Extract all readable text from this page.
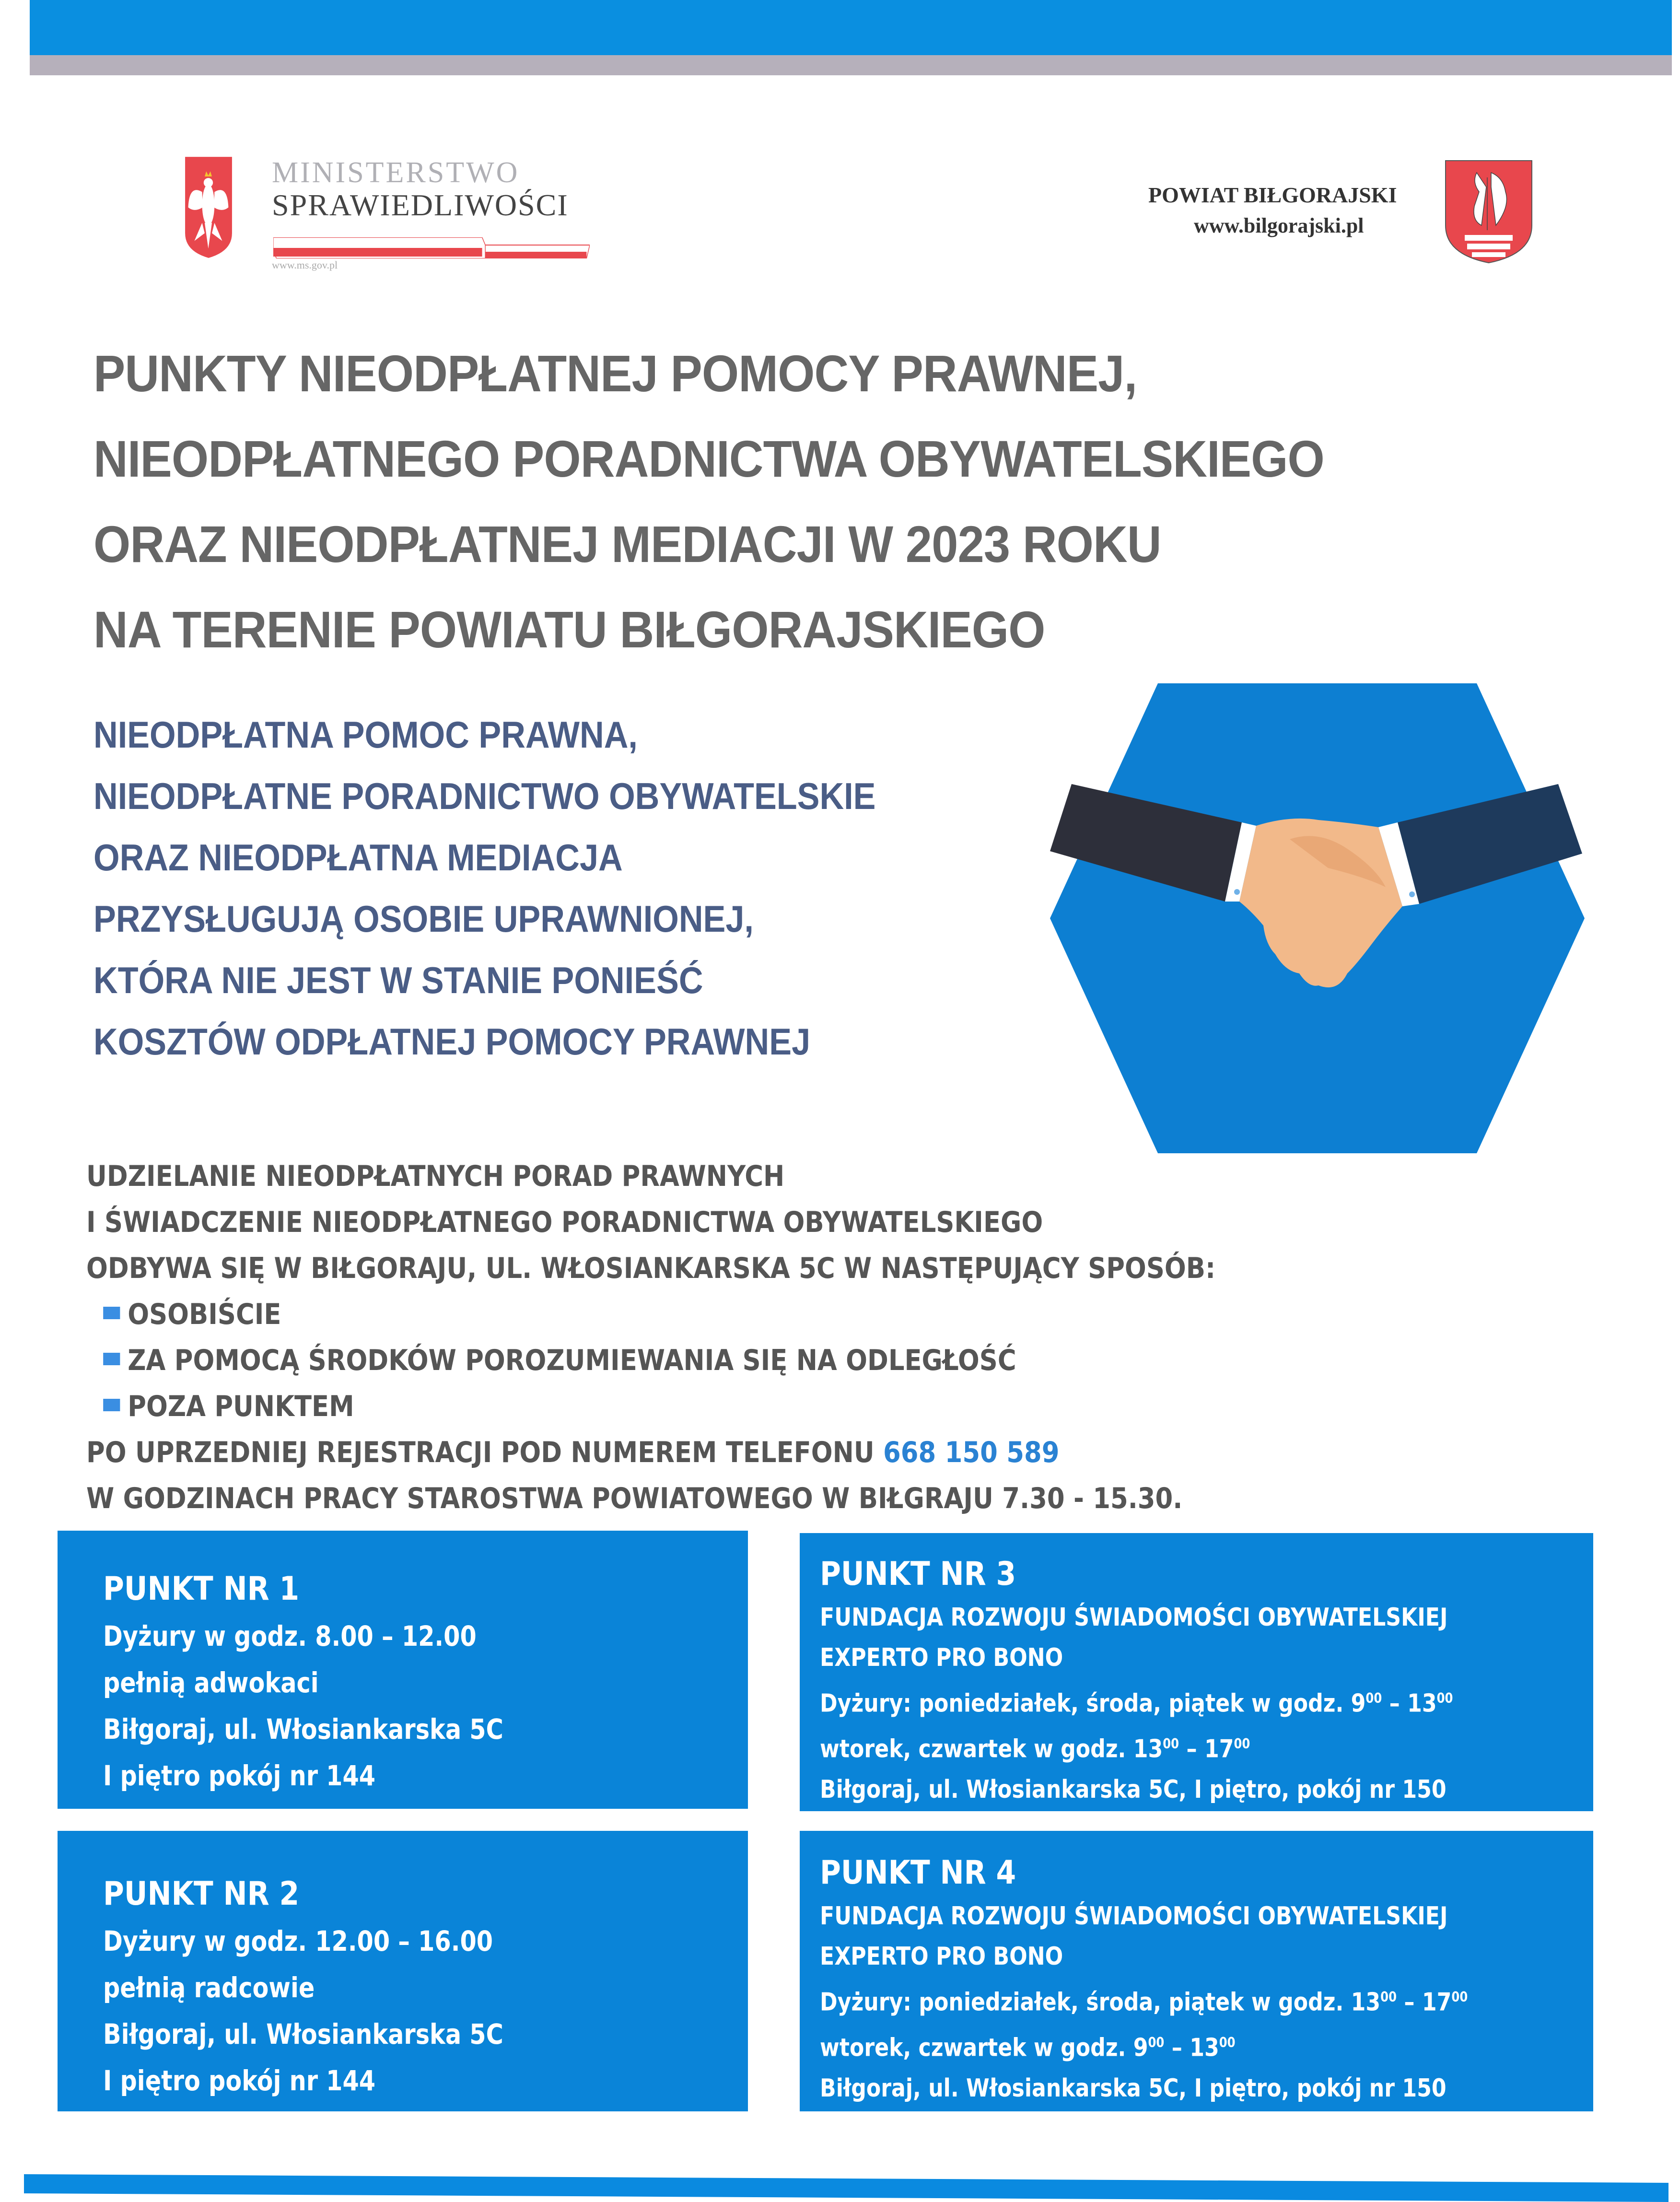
MINISTERSTWO
SPRAWIEDLIWOŚCI
www.ms.gov.pl
POWIAT BIŁGORAJSKI
www.bilgorajski.pl
PUNKTY NIEODPŁATNEJ POMOCY PRAWNEJ,
NIEODPŁATNEGO PORADNICTWA OBYWATELSKIEGO
ORAZ NIEODPŁATNEJ MEDIACJI W 2023 ROKU
NA TERENIE POWIATU BIŁGORAJSKIEGO
NIEODPŁATNA POMOC PRAWNA,
NIEODPŁATNE PORADNICTWO OBYWATELSKIE
ORAZ NIEODPŁATNA MEDIACJA
PRZYSŁUGUJĄ OSOBIE UPRAWNIONEJ,
KTÓRA NIE JEST W STANIE PONIEŚĆ
KOSZTÓW ODPŁATNEJ POMOCY PRAWNEJ
UDZIELANIE NIEODPŁATNYCH PORAD PRAWNYCH
I ŚWIADCZENIE NIEODPŁATNEGO PORADNICTWA OBYWATELSKIEGO
ODBYWA SIĘ W BIŁGORAJU, UL. WŁOSIANKARSKA 5C W NASTĘPUJĄCY SPOSÓB:
OSOBIŚCIE
ZA POMOCĄ ŚRODKÓW POROZUMIEWANIA SIĘ NA ODLEGŁOŚĆ
POZA PUNKTEM
PO UPRZEDNIEJ REJESTRACJI POD NUMEREM TELEFONU 668 150 589
W GODZINACH PRACY STAROSTWA POWIATOWEGO W BIŁGRAJU 7.30 - 15.30.
PUNKT NR 1
Dyżury w godz. 8.00 – 12.00
pełnią adwokaci
Biłgoraj, ul. Włosiankarska 5C
I piętro pokój nr 144
PUNKT NR 2
Dyżury w godz. 12.00 – 16.00
pełnią radcowie
Biłgoraj, ul. Włosiankarska 5C
I piętro pokój nr 144
PUNKT NR 3
FUNDACJA ROZWOJU ŚWIADOMOŚCI OBYWATELSKIEJ
EXPERTO PRO BONO
Dyżury: poniedziałek, środa, piątek w godz. $9^{00} - 13^{00}$
wtorek, czwartek w godz. $13^{00} - 17^{00}$
Biłgoraj, ul. Włosiankarska 5C, I piętro, pokój nr 150
PUNKT NR 4
FUNDACJA ROZWOJU ŚWIADOMOŚCI OBYWATELSKIEJ
EXPERTO PRO BONO
Dyżury: poniedziałek, środa, piątek w godz. $13^{00} - 17^{00}$
wtorek, czwartek w godz. $9^{00} - 13^{00}$
Biłgoraj, ul. Włosiankarska 5C, I piętro, pokój nr 150
